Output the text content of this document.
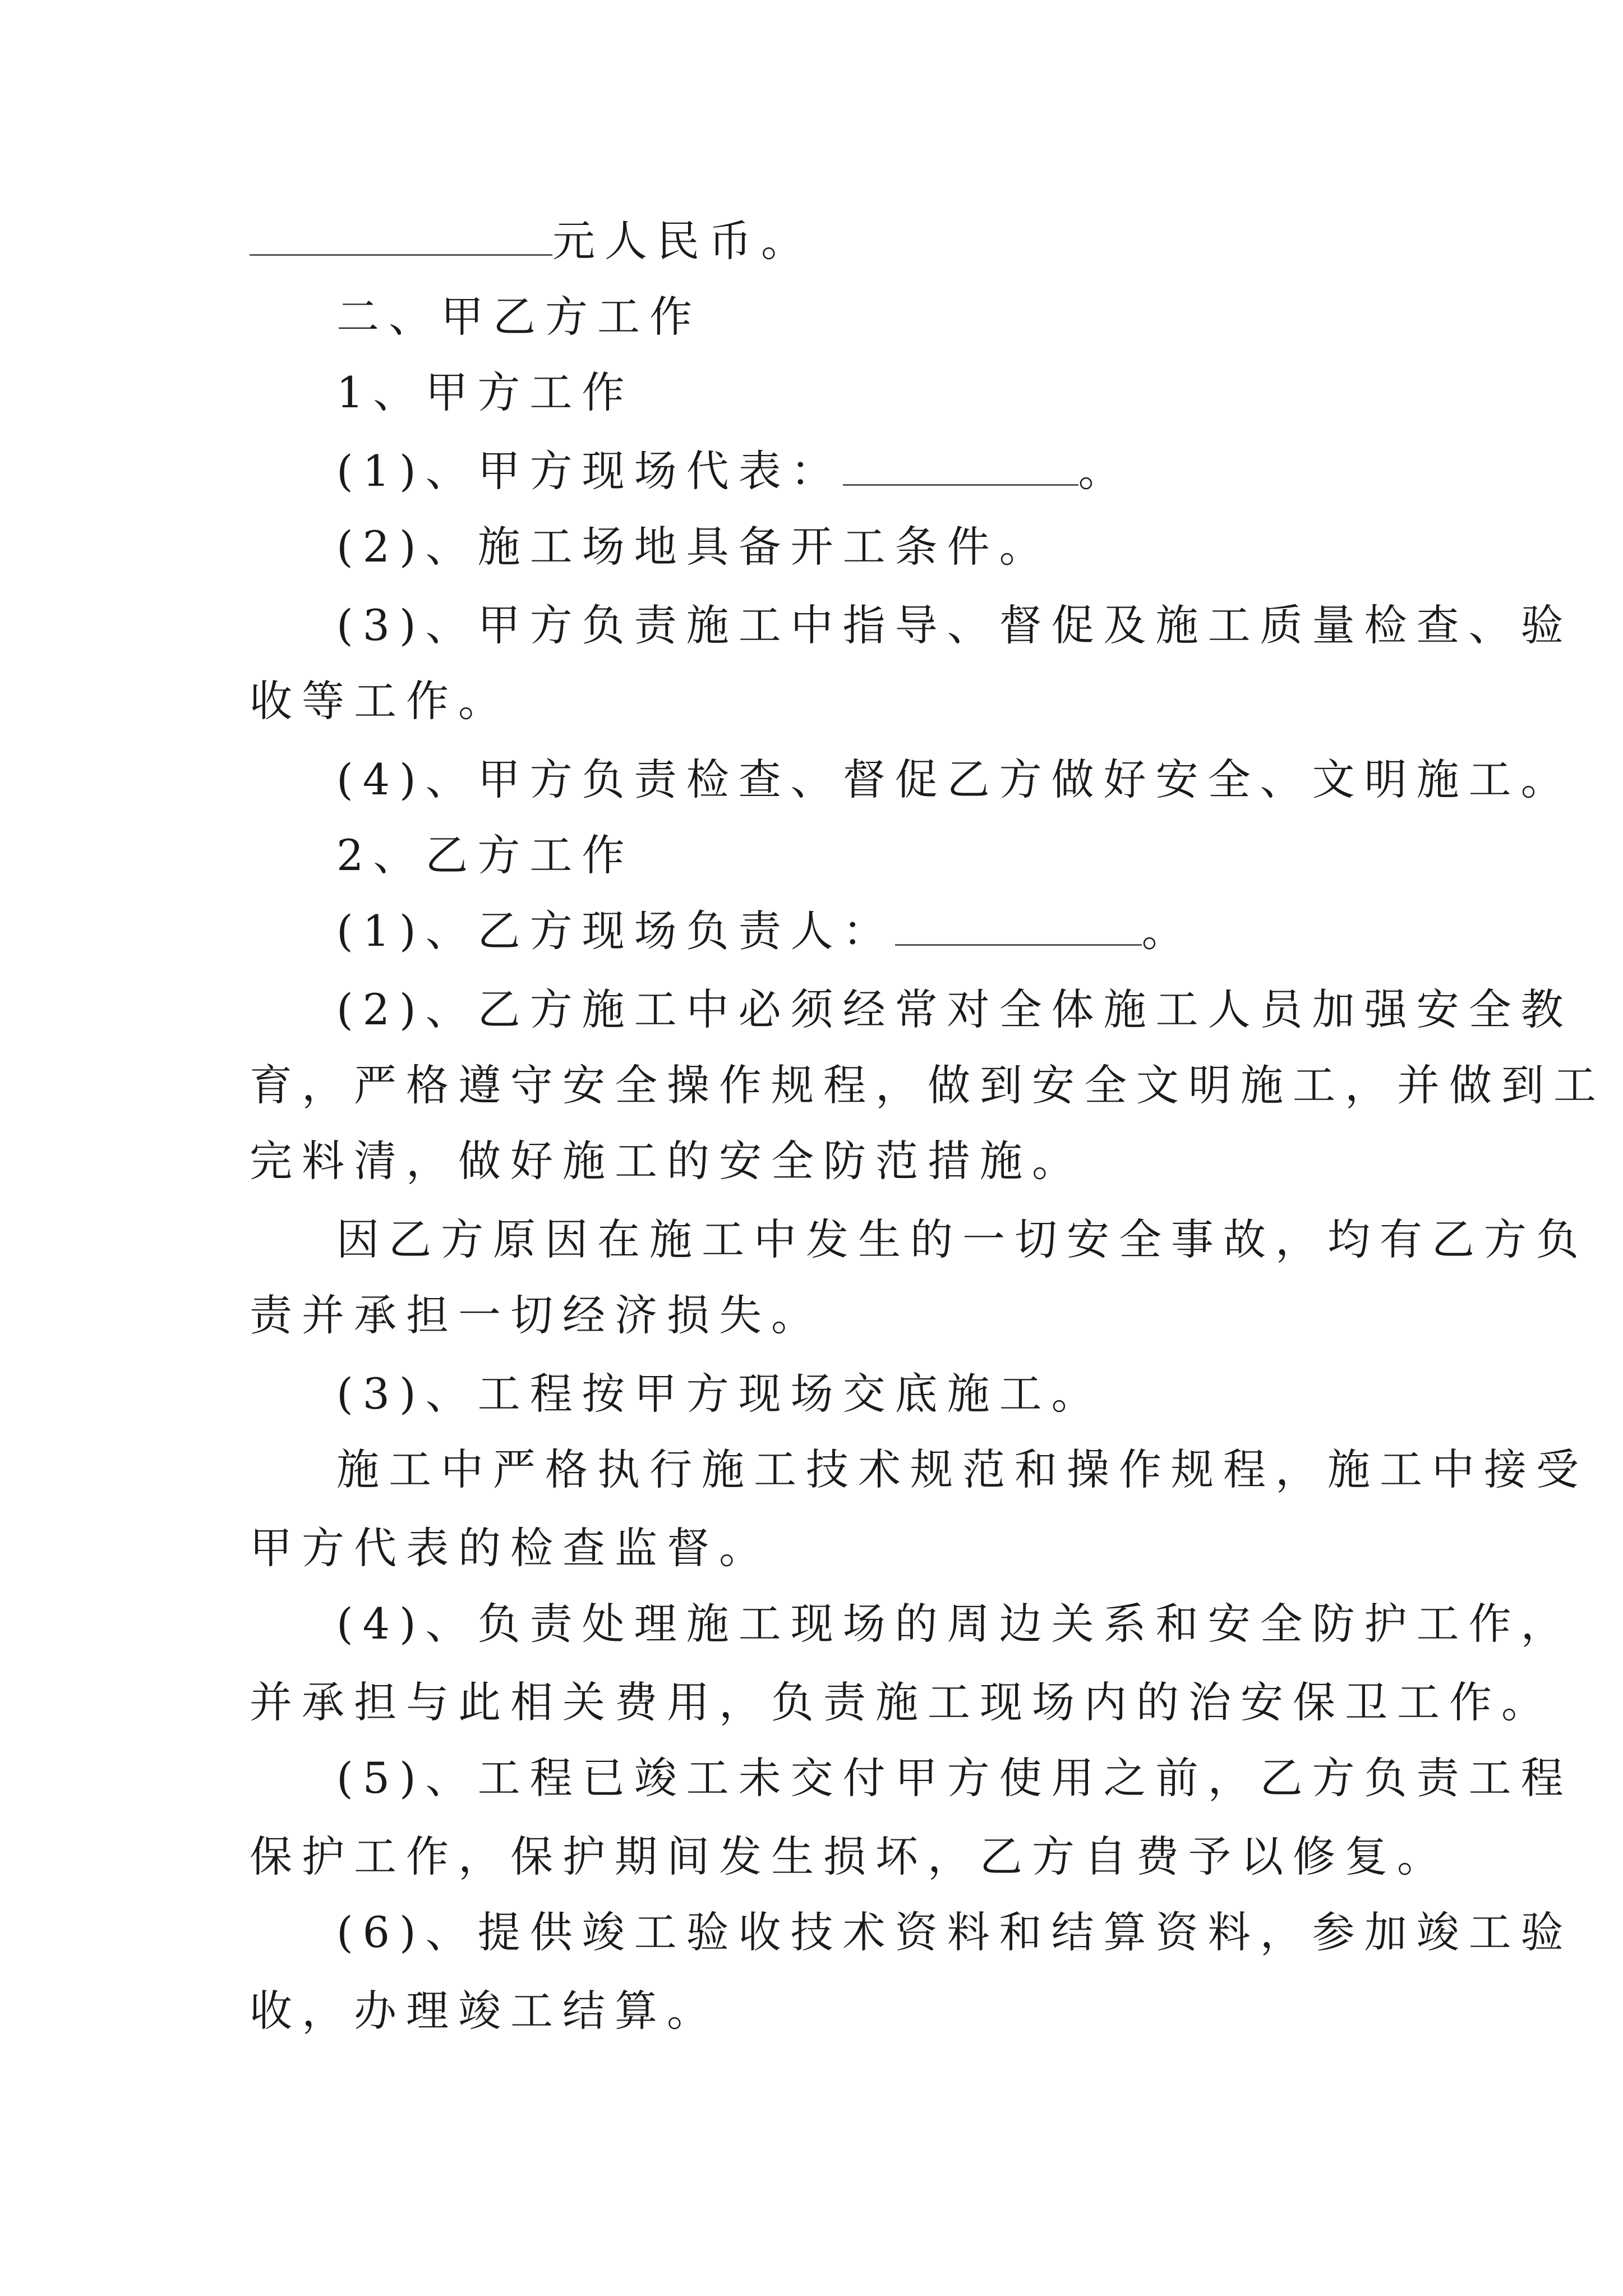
元人民币。
二、甲乙方工作
1、甲方工作
(1)、甲方现场代表：	。
(2)、施工场地具备开工条件。
(3)、甲方负责施工中指导、督促及施工质量检查、验
收等工作。
(4)、甲方负责检查、督促乙方做好安全、文明施工。
2、乙方工作
(1)、乙方现场负责人：	。
(2)、乙方施工中必须经常对全体施工人员加强安全教
育，严格遵守安全操作规程，做到安全文明施工，并做到工
完料清，做好施工的安全防范措施。
因乙方原因在施工中发生的一切安全事故，均有乙方负
责并承担一切经济损失。
(3)、工程按甲方现场交底施工。
施工中严格执行施工技术规范和操作规程，施工中接受
甲方代表的检查监督。
(4)、负责处理施工现场的周边关系和安全防护工作，
并承担与此相关费用，负责施工现场内的治安保卫工作。
(5)、工程已竣工未交付甲方使用之前，乙方负责工程
保护工作，保护期间发生损坏，乙方自费予以修复。
(6)、提供竣工验收技术资料和结算资料，参加竣工验
收，办理竣工结算。
